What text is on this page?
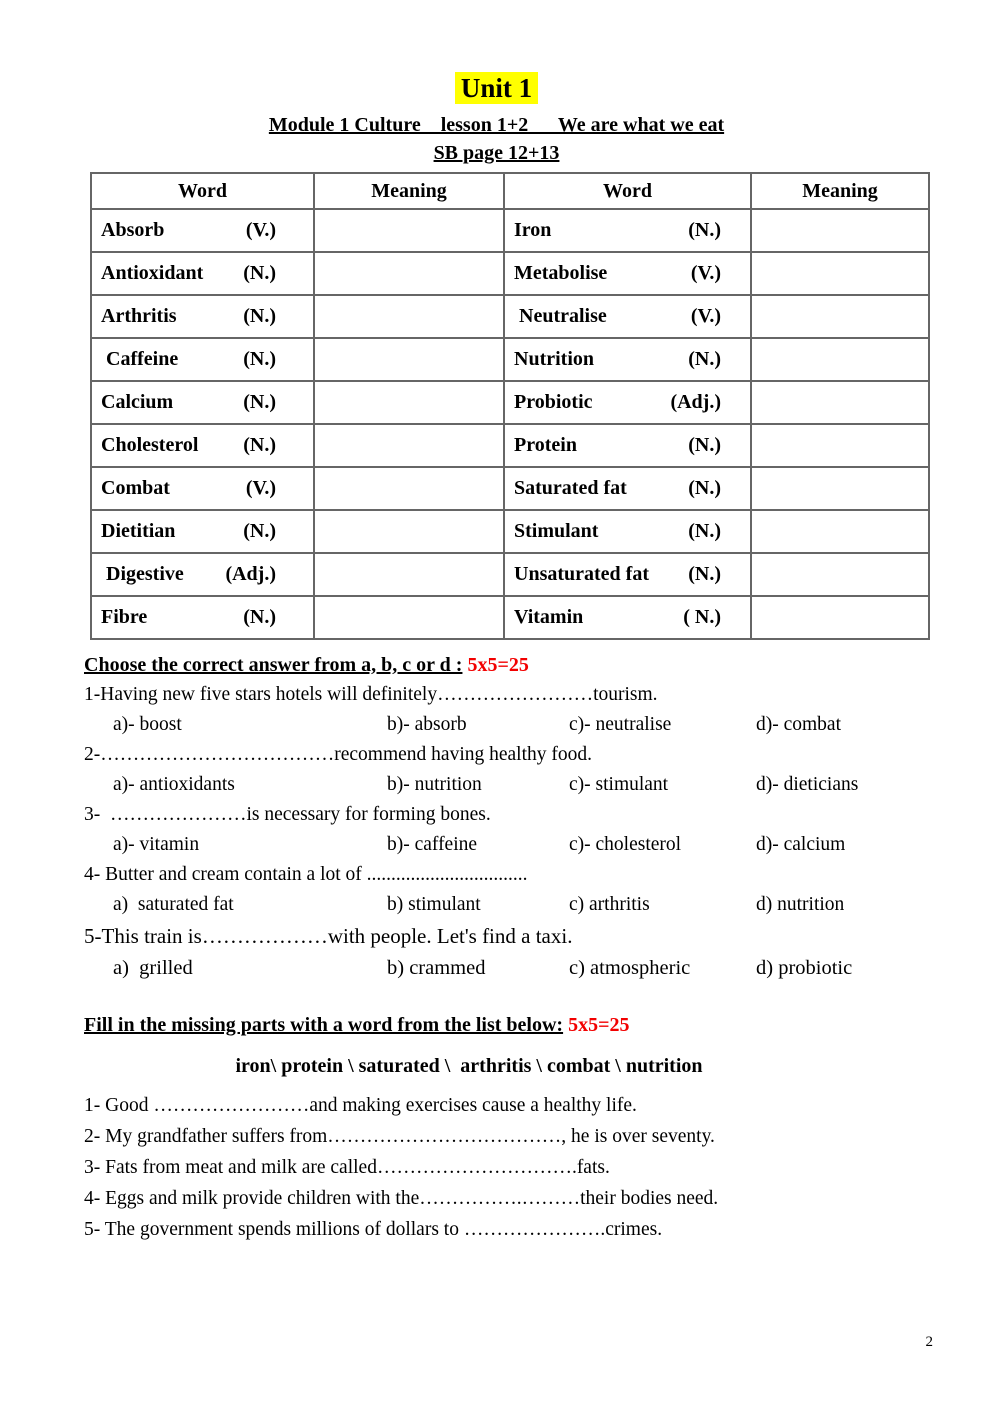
Unit 1
Module 1 Culture    lesson 1+2      We are what we eat
SB page 12+13
Word	Meaning	Word	Meaning

Absorb (V.)		Iron (N.)	

Antioxidant (N.)		Metabolise (V.)	

Arthritis (N.)		Neutralise (V.)	

Caffeine (N.)		Nutrition (N.)	

Calcium (N.)		Probiotic (Adj.)	

Cholesterol (N.)		Protein (N.)	

Combat (V.)		Saturated fat (N.)	

Dietitian (N.)		Stimulant (N.)	

Digestive (Adj.)		Unsaturated fat (N.)	

Fibre (N.)		Vitamin ( N.)	

Choose the correct answer from a, b, c or d : 5x5=25
1-Having new five stars hotels will definitely……………………tourism.
a)- boost	b)- absorb	c)- neutralise	d)- combat
2-………………………………recommend having healthy food.
a)- antioxidants	b)- nutrition	c)- stimulant	d)- dieticians
3-  …………………is necessary for forming bones.
a)- vitamin	b)- caffeine	c)- cholesterol	d)- calcium
4- Butter and cream contain a lot of .................................
a)  saturated fat	b) stimulant	c) arthritis	d) nutrition
5-This train is………………with people. Let's find a taxi.
a)  grilled	b) crammed	c) atmospheric	d) probiotic
Fill in the missing parts with a word from the list below: 5x5=25
iron\ protein \ saturated \  arthritis \ combat \ nutrition
1- Good ……………………and making exercises cause a healthy life.
2- My grandfather suffers from………………………………, he is over seventy.
3- Fats from meat and milk are called………………………….fats.
4- Eggs and milk provide children with the…………….………their bodies need.
5- The government spends millions of dollars to ………………….crimes.
2
